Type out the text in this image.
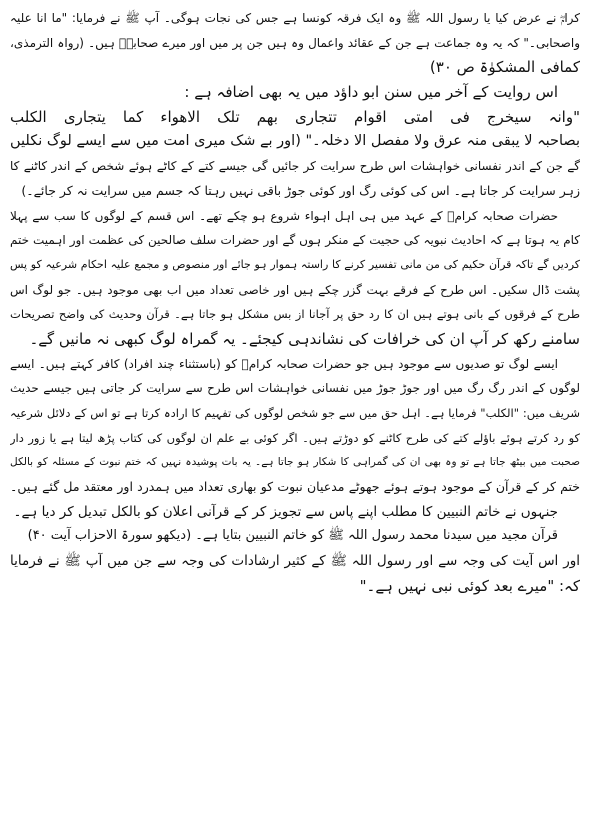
کرامؓ نے عرض کیا یا رسول اللہ ﷺ وہ ایک فرقہ کونسا ہے جس کی نجات ہوگی۔ آپ ﷺ نے فرمایا: "ما انا علیہ
واصحابی۔" کہ یہ وہ جماعت ہے جن کے عقائد واعمال وہ ہیں جن پر میں اور میرے صحابہؓ ہیں۔ (رواہ الترمذی،
کمافی المشکوٰۃ ص ۳۰)
اس روایت کے آخر میں سنن ابو داؤد میں یہ بھی اضافہ ہے :
"وانہ سیخرج فی امتی اقوام تتجاری بھم تلک الاھواء کما یتجاری الکلب
بصاحبہ لا یبقی منہ عرق ولا مفصل الا دخلہ۔" (اور بے شک میری امت میں سے ایسے لوگ نکلیں
گے جن کے اندر نفسانی خواہشات اس طرح سرایت کر جائیں گی جیسے کتے کے کاٹے ہوئے شخص کے اندر کاٹنے کا
زہر سرایت کر جاتا ہے۔ اس کی کوئی رگ اور کوئی جوڑ باقی نہیں رہتا کہ جسم میں سرایت نہ کر جائے۔)
حضرات صحابہ کرامؓ کے عہد میں ہی اہل اہواء شروع ہو چکے تھے۔ اس قسم کے لوگوں کا سب سے پہلا
کام یہ ہوتا ہے کہ احادیث نبویہ کی حجیت کے منکر ہوں گے اور حضرات سلف صالحین کی عظمت اور اہمیت ختم
کردیں گے تاکہ قرآن حکیم کی من مانی تفسیر کرنے کا راستہ ہموار ہو جائے اور منصوص و مجمع علیہ احکام شرعیہ کو پس
پشت ڈال سکیں۔ اس طرح کے فرقے بہت گزر چکے ہیں اور خاصی تعداد میں اب بھی موجود ہیں۔ جو لوگ اس
طرح کے فرقوں کے بانی ہوتے ہیں ان کا رد حق پر آجانا از بس مشکل ہو جاتا ہے۔ قرآن وحدیث کی واضح تصریحات
سامنے رکھ کر آپ ان کی خرافات کی نشاندہی کیجئے۔ یہ گمراہ لوگ کبھی نہ مانیں گے۔
ایسے لوگ تو صدیوں سے موجود ہیں جو حضرات صحابہ کرامؓ کو (باستثناء چند افراد) کافر کہتے ہیں۔ ایسے
لوگوں کے اندر رگ رگ میں اور جوڑ جوڑ میں نفسانی خواہشات اس طرح سے سرایت کر جاتی ہیں جیسے حدیث
شریف میں: "الکلب" فرمایا ہے۔ اہل حق میں سے جو شخص لوگوں کی تفہیم کا ارادہ کرتا ہے تو اس کے دلائل شرعیہ
کو رد کرتے ہوئے باؤلے کتے کی طرح کاٹنے کو دوڑتے ہیں۔ اگر کوئی بے علم ان لوگوں کی کتاب پڑھ لیتا ہے یا زور دار
صحبت میں بیٹھ جاتا ہے تو وہ بھی ان کی گمراہی کا شکار ہو جاتا ہے۔ یہ بات پوشیدہ نہیں کہ ختم نبوت کے مسئلہ کو بالکل
ختم کر کے قرآن کے موجود ہوتے ہوئے جھوٹے مدعیان نبوت کو بھاری تعداد میں ہمدرد اور معتقد مل گئے ہیں۔
جنہوں نے خاتم النبیین کا مطلب اپنے پاس سے تجویز کر کے قرآنی اعلان کو بالکل تبدیل کر دیا ہے۔
قرآن مجید میں سیدنا محمد رسول اللہ ﷺ کو خاتم النبیین بتایا ہے۔ (دیکھو سورۃ الاحزاب آیت ۴۰)
اور اس آیت کی وجہ سے اور رسول اللہ ﷺ کے کثیر ارشادات کی وجہ سے جن میں آپ ﷺ نے فرمایا
کہ: "میرے بعد کوئی نبی نہیں ہے۔"
